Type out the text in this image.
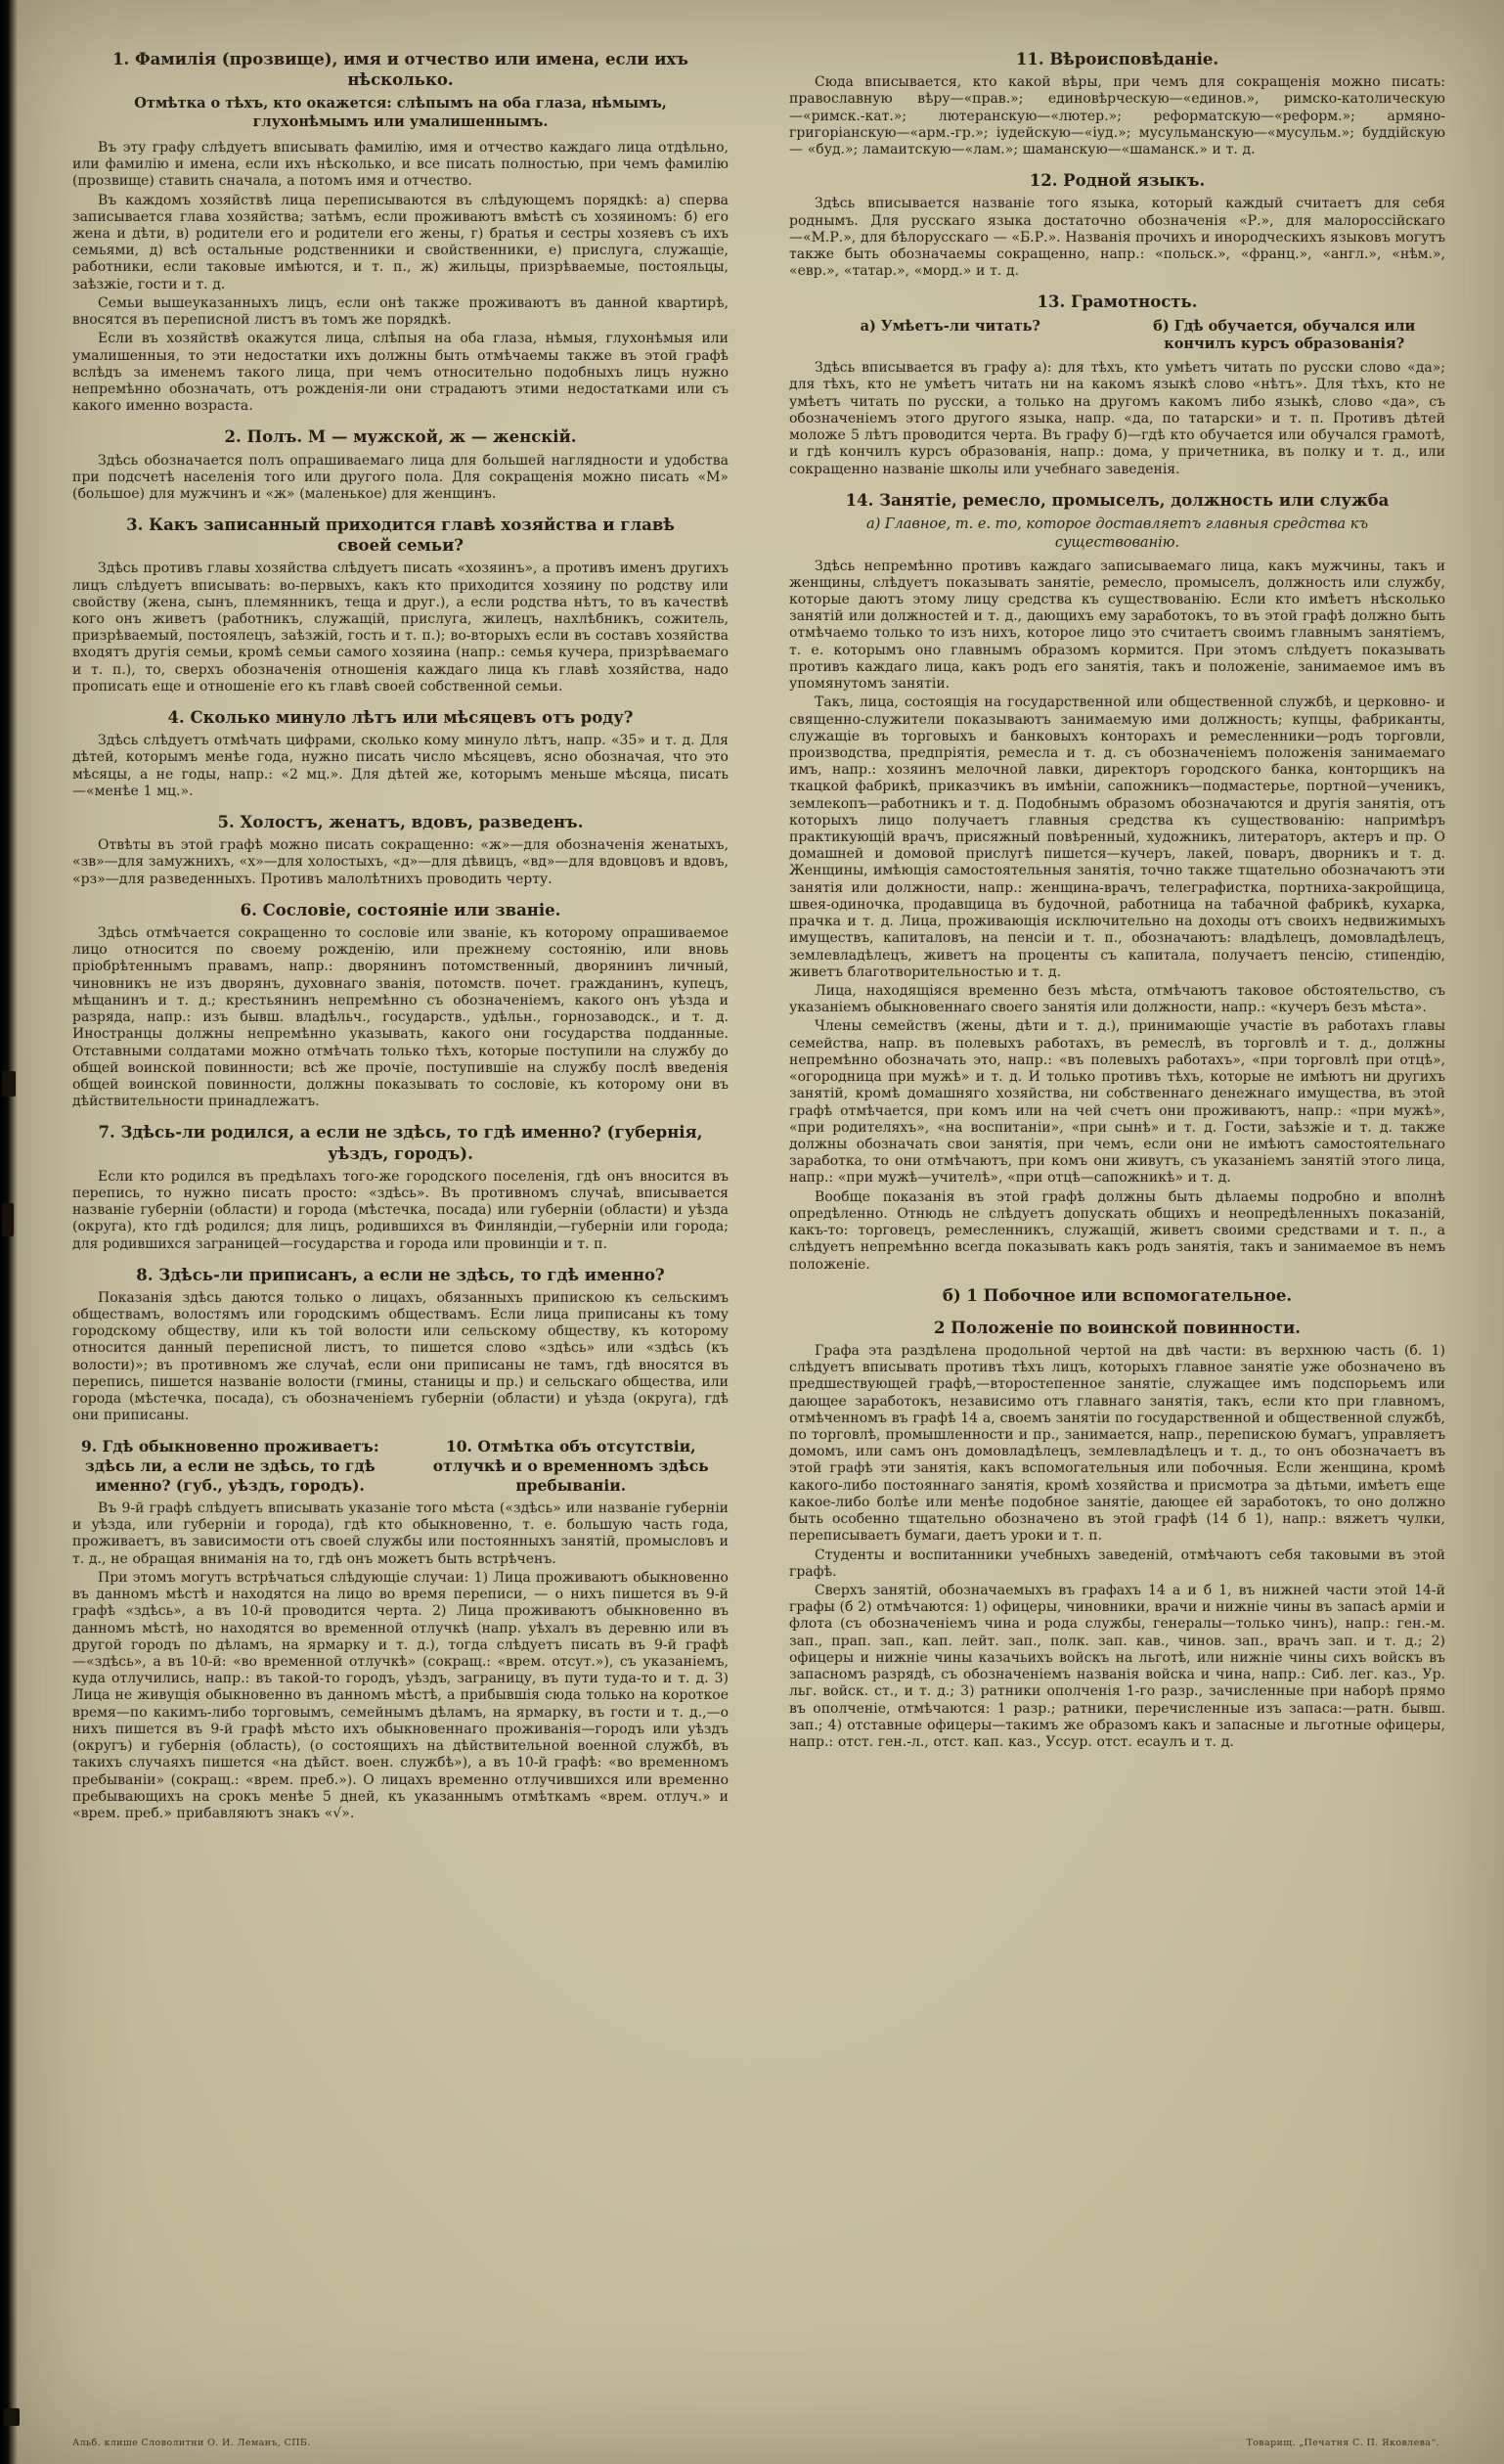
1. Фамилія (прозвище), имя и отчество или имена, если ихъ нѣсколько.

Отмѣтка о тѣхъ, кто окажется: слѣпымъ на оба глаза, нѣмымъ, глухонѣмымъ или умалишеннымъ.

Въ эту графу слѣдуетъ вписывать фамилію, имя и отчество каждаго лица отдѣльно, или фамилію и имена, если ихъ нѣсколько, и все писать полностью, при чемъ фамилію (прозвище) ставить сначала, а потомъ имя и отчество.

Въ каждомъ хозяйствѣ лица переписываются въ слѣдующемъ порядкѣ: а) сперва записывается глава хозяйства; затѣмъ, если проживаютъ вмѣстѣ съ хозяиномъ: б) его жена и дѣти, в) родители его и родители его жены, г) братья и сестры хозяевъ съ ихъ семьями, д) всѣ остальные родственники и свойственники, е) прислуга, служащіе, работники, если таковые имѣются, и т. п., ж) жильцы, призрѣваемые, постояльцы, заѣзжіе, гости и т. д.

Семьи вышеуказанныхъ лицъ, если онѣ также проживаютъ въ данной квартирѣ, вносятся въ переписной листъ въ томъ же порядкѣ.

Если въ хозяйствѣ окажутся лица, слѣпыя на оба глаза, нѣмыя, глухонѣмыя или умалишенныя, то эти недостатки ихъ должны быть отмѣчаемы также въ этой графѣ вслѣдъ за именемъ такого лица, при чемъ относительно подобныхъ лицъ нужно непремѣнно обозначать, отъ рожденія-ли они страдаютъ этими недостатками или съ какого именно возраста.

2. Полъ. М — мужской, ж — женскій.

Здѣсь обозначается полъ опрашиваемаго лица для большей наглядности и удобства при подсчетѣ населенія того или другого пола. Для сокращенія можно писать «М» (большое) для мужчинъ и «ж» (маленькое) для женщинъ.

3. Какъ записанный приходится главѣ хозяйства и главѣ своей семьи?

Здѣсь противъ главы хозяйства слѣдуетъ писать «хозяинъ», а противъ именъ другихъ лицъ слѣдуетъ вписывать: во-первыхъ, какъ кто приходится хозяину по родству или свойству (жена, сынъ, племянникъ, теща и друг.), а если родства нѣтъ, то въ качествѣ кого онъ живетъ (работникъ, служащій, прислуга, жилецъ, нахлѣбникъ, сожитель, призрѣваемый, постоялецъ, заѣзжій, гость и т. п.); во-вторыхъ если въ составъ хозяйства входятъ другія семьи, кромѣ семьи самого хозяина (напр.: семья кучера, призрѣваемаго и т. п.), то, сверхъ обозначенія отношенія каждаго лица къ главѣ хозяйства, надо прописать еще и отношеніе его къ главѣ своей собственной семьи.

4. Сколько минуло лѣтъ или мѣсяцевъ отъ роду?

Здѣсь слѣдуетъ отмѣчать цифрами, сколько кому минуло лѣтъ, напр. «35» и т. д. Для дѣтей, которымъ менѣе года, нужно писать число мѣсяцевъ, ясно обозначая, что это мѣсяцы, а не годы, напр.: «2 мц.». Для дѣтей же, которымъ меньше мѣсяца, писать—«менѣе 1 мц.».

5. Холостъ, женатъ, вдовъ, разведенъ.

Отвѣты въ этой графѣ можно писать сокращенно: «ж»—для обозначенія женатыхъ, «зв»—для замужнихъ, «х»—для холостыхъ, «д»—для дѣвицъ, «вд»—для вдовцовъ и вдовъ, «рз»—для разведенныхъ. Противъ малолѣтнихъ проводить черту.

6. Сословіе, состояніе или званіе.

Здѣсь отмѣчается сокращенно то сословіе или званіе, къ которому опрашиваемое лицо относится по своему рожденію, или прежнему состоянію, или вновь пріобрѣтеннымъ правамъ, напр.: дворянинъ потомственный, дворянинъ личный, чиновникъ не изъ дворянъ, духовнаго званія, потомств. почет. гражданинъ, купецъ, мѣщанинъ и т. д.; крестьянинъ непремѣнно съ обозначеніемъ, какого онъ уѣзда и разряда, напр.: изъ бывш. владѣльч., государств., удѣльн., горнозаводск., и т. д. Иностранцы должны непремѣнно указывать, какого они государства подданные. Отставными солдатами можно отмѣчать только тѣхъ, которые поступили на службу до общей воинской повинности; всѣ же прочіе, поступившіе на службу послѣ введенія общей воинской повинности, должны показывать то сословіе, къ которому они въ дѣйствительности принадлежатъ.

7. Здѣсь-ли родился, а если не здѣсь, то гдѣ именно? (губернія, уѣздъ, городъ).

Если кто родился въ предѣлахъ того-же городского поселенія, гдѣ онъ вносится въ перепись, то нужно писать просто: «здѣсь». Въ противномъ случаѣ, вписывается названіе губерніи (области) и города (мѣстечка, посада) или губерніи (области) и уѣзда (округа), кто гдѣ родился; для лицъ, родившихся въ Финляндіи,—губерніи или города; для родившихся заграницей—государства и города или провинціи и т. п.

8. Здѣсь-ли приписанъ, а если не здѣсь, то гдѣ именно?

Показанія здѣсь даются только о лицахъ, обязанныхъ припискою къ сельскимъ обществамъ, волостямъ или городскимъ обществамъ. Если лица приписаны къ тому городскому обществу, или къ той волости или сельскому обществу, къ которому относится данный переписной листъ, то пишется слово «здѣсь» или «здѣсь (къ волости)»; въ противномъ же случаѣ, если они приписаны не тамъ, гдѣ вносятся въ перепись, пишется названіе волости (гмины, станицы и пр.) и сельскаго общества, или города (мѣстечка, посада), съ обозначеніемъ губерніи (области) и уѣзда (округа), гдѣ они приписаны.

9. Гдѣ обыкновенно проживаетъ: здѣсь ли, а если не здѣсь, то гдѣ именно? (губ., уѣздъ, городъ).
10. Отмѣтка объ отсутствіи, отлучкѣ и о временномъ здѣсь пребываніи.

Въ 9-й графѣ слѣдуетъ вписывать указаніе того мѣста («здѣсь» или названіе губерніи и уѣзда, или губерніи и города), гдѣ кто обыкновенно, т. е. большую часть года, проживаетъ, въ зависимости отъ своей службы или постоянныхъ занятій, промысловъ и т. д., не обращая вниманія на то, гдѣ онъ можетъ быть встрѣченъ.

При этомъ могутъ встрѣчаться слѣдующіе случаи: 1) Лица проживаютъ обыкновенно въ данномъ мѣстѣ и находятся на лицо во время переписи, — о нихъ пишется въ 9-й графѣ «здѣсь», а въ 10-й проводится черта. 2) Лица проживаютъ обыкновенно въ данномъ мѣстѣ, но находятся во временной отлучкѣ (напр. уѣхалъ въ деревню или въ другой городъ по дѣламъ, на ярмарку и т. д.), тогда слѣдуетъ писать въ 9-й графѣ—«здѣсь», а въ 10-й: «во временной отлучкѣ» (сокращ.: «врем. отсут.»), съ указаніемъ, куда отлучились, напр.: въ такой-то городъ, уѣздъ, заграницу, въ пути туда-то и т. д. 3) Лица не живущія обыкновенно въ данномъ мѣстѣ, а прибывшія сюда только на короткое время—по какимъ-либо торговымъ, семейнымъ дѣламъ, на ярмарку, въ гости и т. д.,—о нихъ пишется въ 9-й графѣ мѣсто ихъ обыкновеннаго проживанія—городъ или уѣздъ (округъ) и губернія (область), (о состоящихъ на дѣйствительной военной службѣ, въ такихъ случаяхъ пишется «на дѣйст. воен. службѣ»), а въ 10-й графѣ: «во временномъ пребываніи» (сокращ.: «врем. преб.»). О лицахъ временно отлучившихся или временно пребывающихъ на срокъ менѣе 5 дней, къ указаннымъ отмѣткамъ «врем. отлуч.» и «врем. преб.» прибавляютъ знакъ «√».

11. Вѣроисповѣданіе.

Сюда вписывается, кто какой вѣры, при чемъ для сокращенія можно писать: православную вѣру—«прав.»; единовѣрческую—«единов.», римско-католическую—«римск.-кат.»; лютеранскую—«лютер.»; реформатскую—«реформ.»; армяно-григоріанскую—«арм.-гр.»; іудейскую—«іуд.»; мусульманскую—«мусульм.»; буддійскую — «буд.»; ламаитскую—«лам.»; шаманскую—«шаманск.» и т. д.

12. Родной языкъ.

Здѣсь вписывается названіе того языка, который каждый считаетъ для себя роднымъ. Для русскаго языка достаточно обозначенія «Р.», для малороссійскаго—«М.Р.», для бѣлорусскаго — «Б.Р.». Названія прочихъ и инородческихъ языковъ могутъ также быть обозначаемы сокращенно, напр.: «польск.», «франц.», «англ.», «нѣм.», «евр.», «татар.», «морд.» и т. д.

13. Грамотность.
а) Умѣетъ-ли читать?	б) Гдѣ обучается, обучался или кончилъ курсъ образованія?

Здѣсь вписывается въ графу а): для тѣхъ, кто умѣетъ читать по русски слово «да»; для тѣхъ, кто не умѣетъ читать ни на какомъ языкѣ слово «нѣтъ». Для тѣхъ, кто не умѣетъ читать по русски, а только на другомъ какомъ либо языкѣ, слово «да», съ обозначеніемъ этого другого языка, напр. «да, по татарски» и т. п. Противъ дѣтей моложе 5 лѣтъ проводится черта. Въ графу б)—гдѣ кто обучается или обучался грамотѣ, и гдѣ кончилъ курсъ образованія, напр.: дома, у причетника, въ полку и т. д., или сокращенно названіе школы или учебнаго заведенія.

14. Занятіе, ремесло, промыселъ, должность или служба

а) Главное, т. е. то, которое доставляетъ главныя средства къ существованію.

Здѣсь непремѣнно противъ каждаго записываемаго лица, какъ мужчины, такъ и женщины, слѣдуетъ показывать занятіе, ремесло, промыселъ, должность или службу, которые даютъ этому лицу средства къ существованію. Если кто имѣетъ нѣсколько занятій или должностей и т. д., дающихъ ему заработокъ, то въ этой графѣ должно быть отмѣчаемо только то изъ нихъ, которое лицо это считаетъ своимъ главнымъ занятіемъ, т. е. которымъ оно главнымъ образомъ кормится. При этомъ слѣдуетъ показывать противъ каждаго лица, какъ родъ его занятія, такъ и положеніе, занимаемое имъ въ упомянутомъ занятіи.

Такъ, лица, состоящія на государственной или общественной службѣ, и церковно- и священно-служители показываютъ занимаемую ими должность; купцы, фабриканты, служащіе въ торговыхъ и банковыхъ конторахъ и ремесленники—родъ торговли, производства, предпріятія, ремесла и т. д. съ обозначеніемъ положенія занимаемаго имъ, напр.: хозяинъ мелочной лавки, директоръ городского банка, конторщикъ на ткацкой фабрикѣ, приказчикъ въ имѣніи, сапожникъ—подмастерье, портной—ученикъ, землекопъ—работникъ и т. д. Подобнымъ образомъ обозначаются и другія занятія, отъ которыхъ лицо получаетъ главныя средства къ существованію: напримѣръ практикующій врачъ, присяжный повѣренный, художникъ, литераторъ, актеръ и пр. О домашней и домовой прислугѣ пишется—кучеръ, лакей, поваръ, дворникъ и т. д. Женщины, имѣющія самостоятельныя занятія, точно также тщательно обозначаютъ эти занятія или должности, напр.: женщина-врачъ, телеграфистка, портниха-закройщица, швея-одиночка, продавщица въ будочной, работница на табачной фабрикѣ, кухарка, прачка и т. д. Лица, проживающія исключительно на доходы отъ своихъ недвижимыхъ имуществъ, капиталовъ, на пенсіи и т. п., обозначаютъ: владѣлецъ, домовладѣлецъ, землевладѣлецъ, живетъ на проценты съ капитала, получаетъ пенсію, стипендію, живетъ благотворительностью и т. д.

Лица, находящіяся временно безъ мѣста, отмѣчаютъ таковое обстоятельство, съ указаніемъ обыкновеннаго своего занятія или должности, напр.: «кучеръ безъ мѣста».

Члены семействъ (жены, дѣти и т. д.), принимающіе участіе въ работахъ главы семейства, напр. въ полевыхъ работахъ, въ ремеслѣ, въ торговлѣ и т. д., должны непремѣнно обозначать это, напр.: «въ полевыхъ работахъ», «при торговлѣ при отцѣ», «огородница при мужѣ» и т. д. И только противъ тѣхъ, которые не имѣютъ ни другихъ занятій, кромѣ домашняго хозяйства, ни собственнаго денежнаго имущества, въ этой графѣ отмѣчается, при комъ или на чей счетъ они проживаютъ, напр.: «при мужѣ», «при родителяхъ», «на воспитаніи», «при сынѣ» и т. д. Гости, заѣзжіе и т. д. также должны обозначать свои занятія, при чемъ, если они не имѣютъ самостоятельнаго заработка, то они отмѣчаютъ, при комъ они живутъ, съ указаніемъ занятій этого лица, напр.: «при мужѣ—учителѣ», «при отцѣ—сапожникѣ» и т. д.

Вообще показанія въ этой графѣ должны быть дѣлаемы подробно и вполнѣ опредѣленно. Отнюдь не слѣдуетъ допускать общихъ и неопредѣленныхъ показаній, какъ-то: торговецъ, ремесленникъ, служащій, живетъ своими средствами и т. п., а слѣдуетъ непремѣнно всегда показывать какъ родъ занятія, такъ и занимаемое въ немъ положеніе.

б) 1 Побочное или вспомогательное.
2 Положеніе по воинской повинности.

Графа эта раздѣлена продольной чертой на двѣ части: въ верхнюю часть (б. 1) слѣдуетъ вписывать противъ тѣхъ лицъ, которыхъ главное занятіе уже обозначено въ предшествующей графѣ,—второстепенное занятіе, служащее имъ подспорьемъ или дающее заработокъ, независимо отъ главнаго занятія, такъ, если кто при главномъ, отмѣченномъ въ графѣ 14 а, своемъ занятіи по государственной и общественной службѣ, по торговлѣ, промышленности и пр., занимается, напр., перепискою бумагъ, управляетъ домомъ, или самъ онъ домовладѣлецъ, землевладѣлецъ и т. д., то онъ обозначаетъ въ этой графѣ эти занятія, какъ вспомогательныя или побочныя. Если женщина, кромѣ какого-либо постояннаго занятія, кромѣ хозяйства и присмотра за дѣтьми, имѣетъ еще какое-либо болѣе или менѣе подобное занятіе, дающее ей заработокъ, то оно должно быть особенно тщательно обозначено въ этой графѣ (14 б 1), напр.: вяжетъ чулки, переписываетъ бумаги, даетъ уроки и т. п.

Студенты и воспитанники учебныхъ заведеній, отмѣчаютъ себя таковыми въ этой графѣ.

Сверхъ занятій, обозначаемыхъ въ графахъ 14 а и б 1, въ нижней части этой 14-й графы (б 2) отмѣчаются: 1) офицеры, чиновники, врачи и нижніе чины въ запасѣ арміи и флота (съ обозначеніемъ чина и рода службы, генералы—только чинъ), напр.: ген.-м. зап., прап. зап., кап. лейт. зап., полк. зап. кав., чинов. зап., врачъ зап. и т. д.; 2) офицеры и нижніе чины казачьихъ войскъ на льготѣ, или нижніе чины сихъ войскъ въ запасномъ разрядѣ, съ обозначеніемъ названія войска и чина, напр.: Сиб. лег. каз., Ур. льг. войск. ст., и т. д.; 3) ратники ополченія 1-го разр., зачисленные при наборѣ прямо въ ополченіе, отмѣчаются: 1 разр.; ратники, перечисленные изъ запаса:—ратн. бывш. зап.; 4) отставные офицеры—такимъ же образомъ какъ и запасные и льготные офицеры, напр.: отст. ген.-л., отст. кап. каз., Уссур. отст. есаулъ и т. д.

Альб. клише Словолитни О. И. Леманъ, СПБ.	Товарищ. „Печатня С. П. Яковлева“.
